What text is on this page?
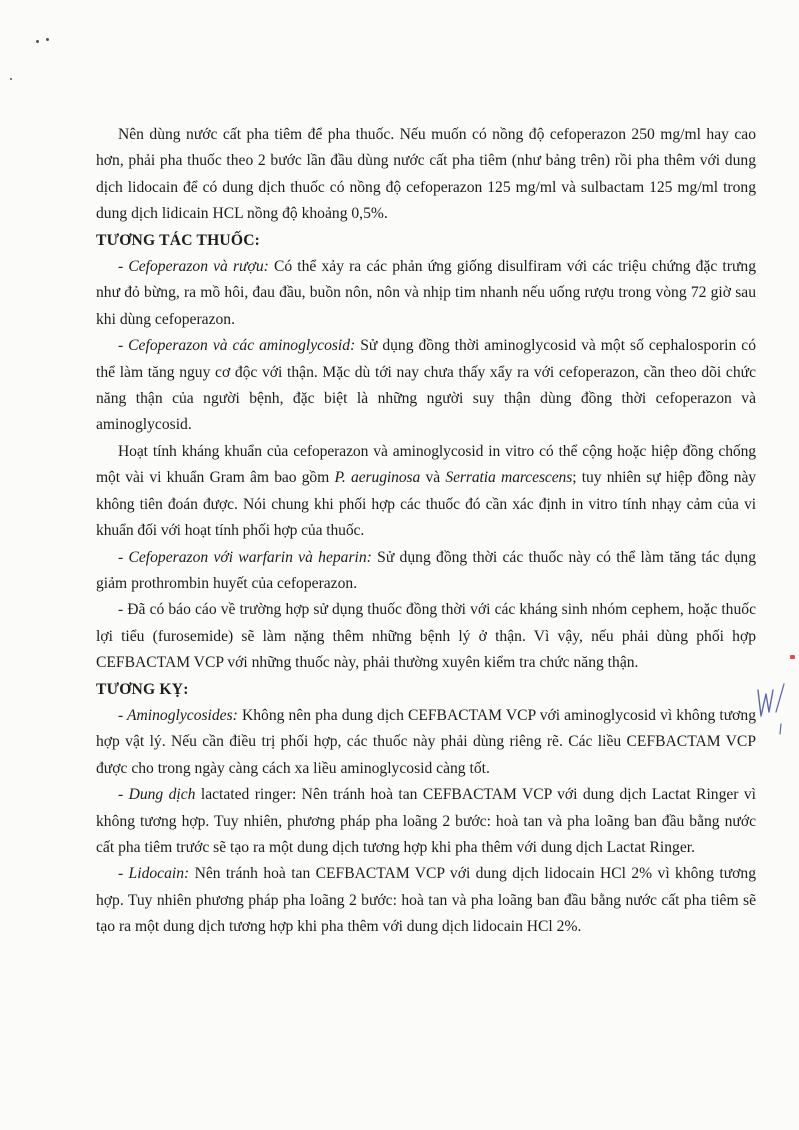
Nên dùng nước cất pha tiêm để pha thuốc. Nếu muốn có nồng độ cefoperazon 250 mg/ml hay cao hơn, phải pha thuốc theo 2 bước lần đầu dùng nước cất pha tiêm (như bảng trên) rồi pha thêm với dung dịch lidocain để có dung dịch thuốc có nồng độ cefoperazon 125 mg/ml và sulbactam 125 mg/ml trong dung dịch lidicain HCL nồng độ khoảng 0,5%.

TƯƠNG TÁC THUỐC:

- Cefoperazon và rượu: Có thể xảy ra các phản ứng giống disulfiram với các triệu chứng đặc trưng như đỏ bừng, ra mồ hôi, đau đầu, buồn nôn, nôn và nhịp tim nhanh nếu uống rượu trong vòng 72 giờ sau khi dùng cefoperazon.

- Cefoperazon và các aminoglycosid: Sử dụng đồng thời aminoglycosid và một số cephalosporin có thể làm tăng nguy cơ độc với thận. Mặc dù tới nay chưa thấy xẩy ra với cefoperazon, cần theo dõi chức năng thận của người bệnh, đặc biệt là những người suy thận dùng đồng thời cefoperazon và aminoglycosid.

Hoạt tính kháng khuẩn của cefoperazon và aminoglycosid in vitro có thể cộng hoặc hiệp đồng chống một vài vi khuẩn Gram âm bao gồm P. aeruginosa và Serratia marcescens; tuy nhiên sự hiệp đồng này không tiên đoán được. Nói chung khi phối hợp các thuốc đó cần xác định in vitro tính nhạy cảm của vi khuẩn đối với hoạt tính phối hợp của thuốc.

- Cefoperazon với warfarin và heparin: Sử dụng đồng thời các thuốc này có thể làm tăng tác dụng giảm prothrombin huyết của cefoperazon.

- Đã có báo cáo về trường hợp sử dụng thuốc đồng thời với các kháng sinh nhóm cephem, hoặc thuốc lợi tiểu (furosemide) sẽ làm nặng thêm những bệnh lý ở thận. Vì vậy, nếu phải dùng phối hợp CEFBACTAM VCP với những thuốc này, phải thường xuyên kiểm tra chức năng thận.

TƯƠNG KỴ:

- Aminoglycosides: Không nên pha dung dịch CEFBACTAM VCP với aminoglycosid vì không tương hợp vật lý. Nếu cần điều trị phối hợp, các thuốc này phải dùng riêng rẽ. Các liều CEFBACTAM VCP được cho trong ngày càng cách xa liều aminoglycosid càng tốt.

- Dung dịch lactated ringer: Nên tránh hoà tan CEFBACTAM VCP với dung dịch Lactat Ringer vì không tương hợp. Tuy nhiên, phương pháp pha loãng 2 bước: hoà tan và pha loãng ban đầu bằng nước cất pha tiêm trước sẽ tạo ra một dung dịch tương hợp khi pha thêm với dung dịch Lactat Ringer.

- Lidocain: Nên tránh hoà tan CEFBACTAM VCP với dung dịch lidocain HCl 2% vì không tương hợp. Tuy nhiên phương pháp pha loãng 2 bước: hoà tan và pha loãng ban đầu bằng nước cất pha tiêm sẽ tạo ra một dung dịch tương hợp khi pha thêm với dung dịch lidocain HCl 2%.
